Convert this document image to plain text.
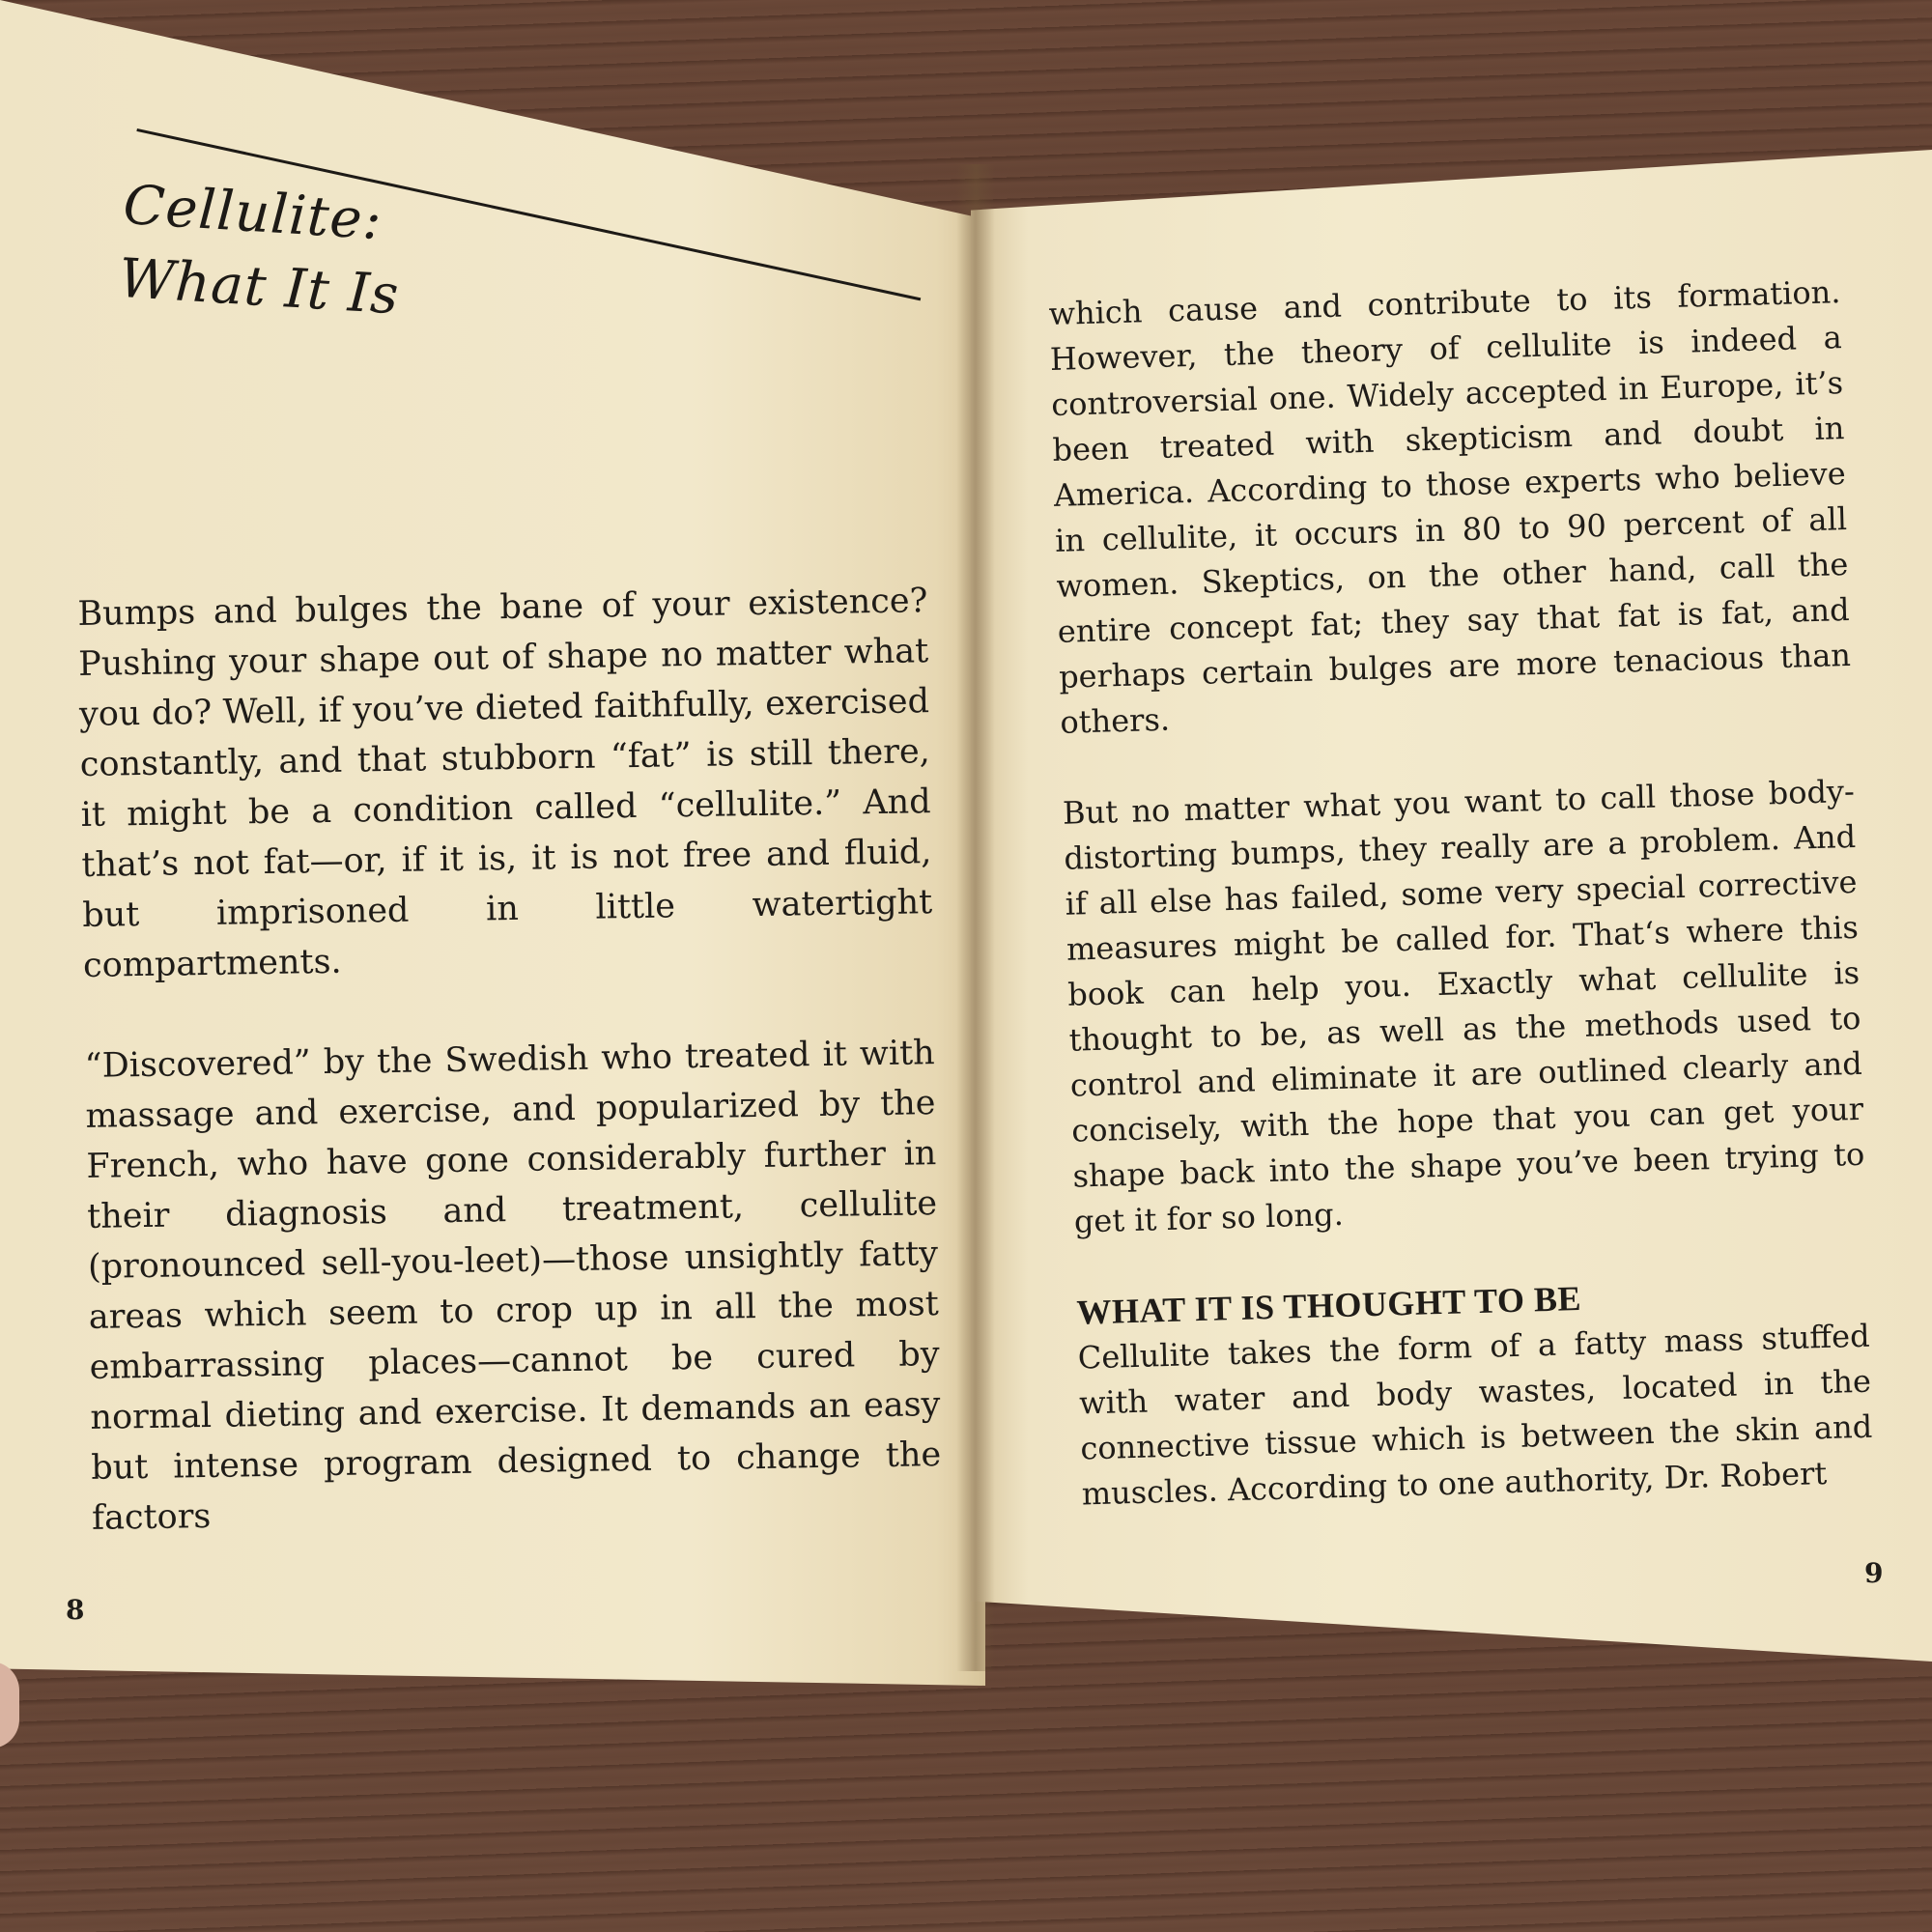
Cellulite:
What It Is

Bumps and bulges the bane of your existence? Pushing your shape out of shape no matter what you do? Well, if you’ve dieted faithfully, exercised constantly, and that stubborn “fat” is still there, it might be a condition called “cellulite.” And that’s not fat—or, if it is, it is not free and fluid, but imprisoned in little watertight compartments.

“Discovered” by the Swedish who treated it with massage and exercise, and popularized by the French, who have gone considerably further in their diagnosis and treatment, cellulite (pronounced sell-you-leet)—those unsightly fatty areas which seem to crop up in all the most embarrassing places—cannot be cured by normal dieting and exercise. It demands an easy but intense program designed to change the factors

8

which cause and contribute to its formation. However, the theory of cellulite is indeed a controversial one. Widely accepted in Europe, it’s been treated with skepticism and doubt in America. According to those experts who believe in cellulite, it occurs in 80 to 90 percent of all women. Skeptics, on the other hand, call the entire concept fat; they say that fat is fat, and perhaps certain bulges are more tenacious than others.

But no matter what you want to call those body-distorting bumps, they really are a problem. And if all else has failed, some very special corrective measures might be called for. That‘s where this book can help you. Exactly what cellulite is thought to be, as well as the methods used to control and eliminate it are outlined clearly and concisely, with the hope that you can get your shape back into the shape you’ve been trying to get it for so long.

WHAT IT IS THOUGHT TO BE

Cellulite takes the form of a fatty mass stuffed with water and body wastes, located in the connective tissue which is between the skin and muscles. According to one authority, Dr. Robert

9
